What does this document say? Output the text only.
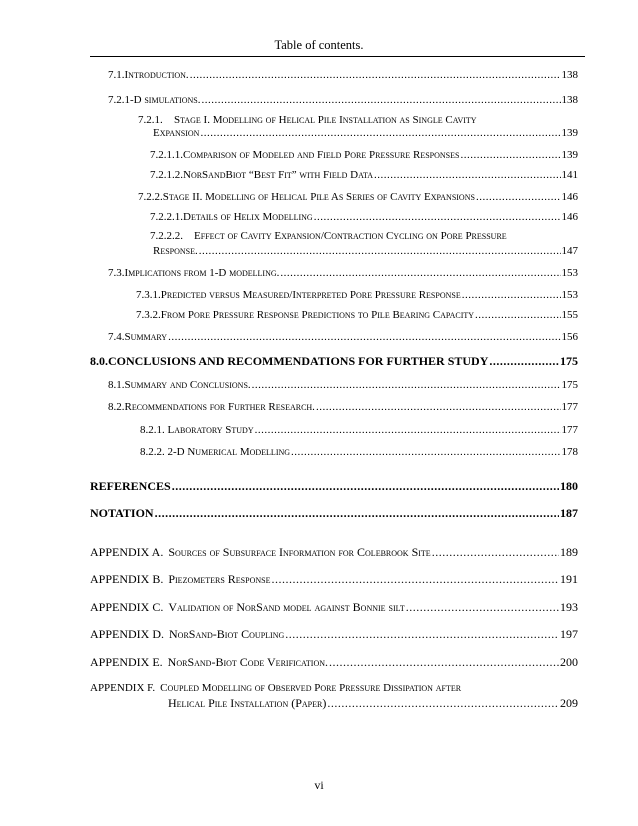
Table of contents.
7.1. Introduction. .....	138
7.2. 1-D simulations. .....	138
7.2.1. Stage I. Modelling of Helical Pile Installation as Single Cavity
Expansion .....	139
7.2.1.1. Comparison of Modeled and Field Pore Pressure Responses .....	139
7.2.1.2. NorSandBiot “Best Fit” with Field Data .....	141
7.2.2. Stage II. Modelling of Helical Pile As Series of Cavity Expansions .....	146
7.2.2.1. Details of Helix Modelling .....	146
7.2.2.2. Effect of Cavity Expansion/Contraction Cycling on Pore Pressure
Response. .....	147
7.3. Implications from 1-D modelling. .....	153
7.3.1. Predicted versus Measured/Interpreted Pore Pressure Response .....	153
7.3.2. From Pore Pressure Response Predictions to Pile Bearing Capacity .....	155
7.4. Summary .....	156
8.0. CONCLUSIONS AND RECOMMENDATIONS FOR FURTHER STUDY .....	175
8.1. Summary and Conclusions. .....	175
8.2. Recommendations for Further Research. .....	177
8.2.1. Laboratory Study .....	177
8.2.2. 2-D Numerical Modelling .....	178
REFERENCES .....	180
NOTATION .....	187
APPENDIX A. Sources of Subsurface Information for Colebrook Site .....	189
APPENDIX B. Piezometers Response .....	191
APPENDIX C. Validation of NorSand model against Bonnie silt .....	193
APPENDIX D. NorSand-Biot Coupling .....	197
APPENDIX E. NorSand-Biot Code Verification. .....	200
APPENDIX F. Coupled Modelling of Observed Pore Pressure Dissipation after
Helical Pile Installation (Paper) .....	209
vi
